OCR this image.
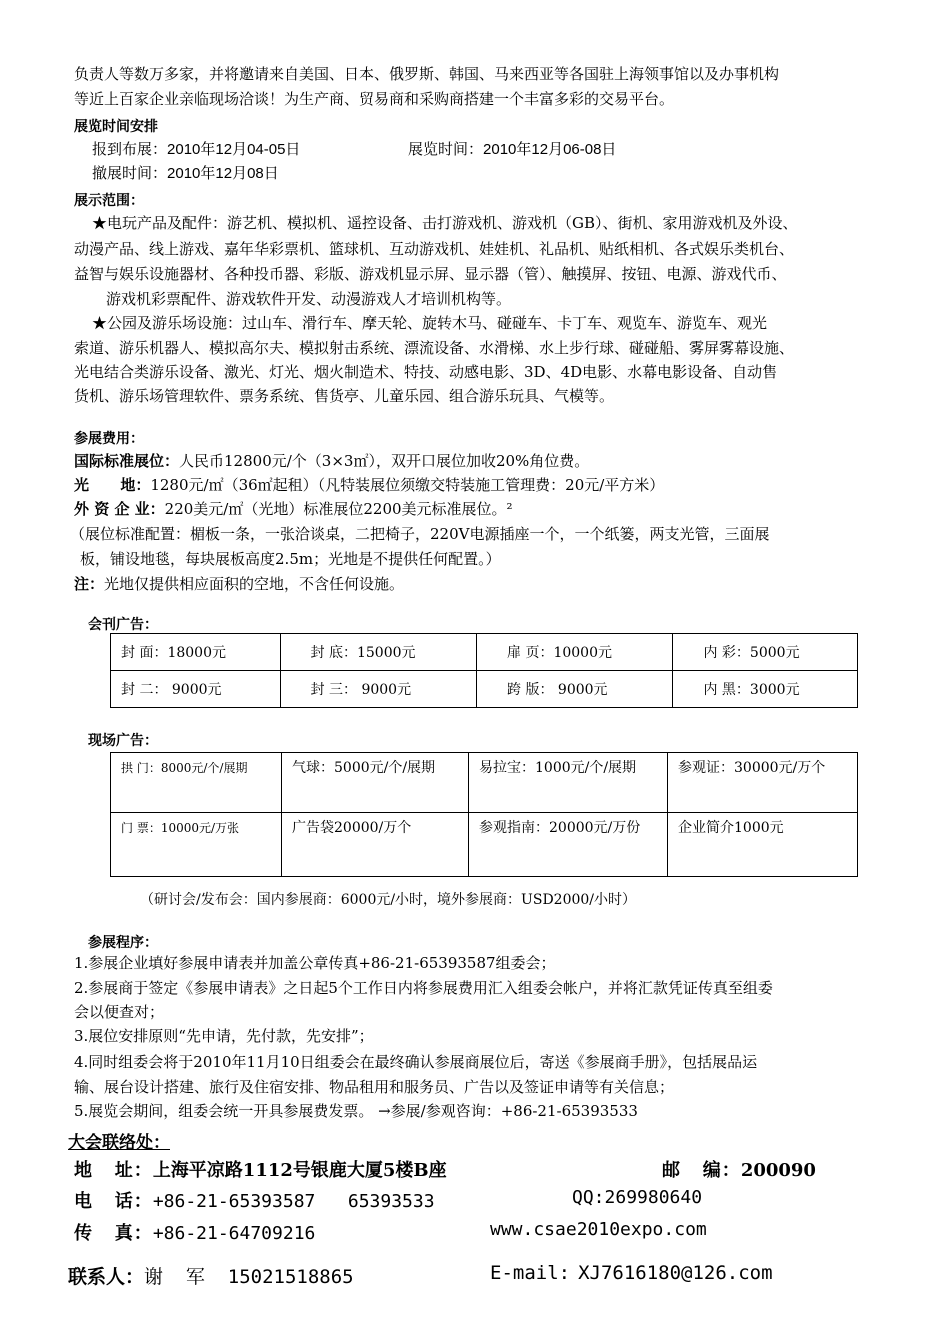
负责人等数万多家，并将邀请来自美国、日本、俄罗斯、韩国、马来西亚等各国驻上海领事馆以及办事机构
等近上百家企业亲临现场洽谈！为生产商、贸易商和采购商搭建一个丰富多彩的交易平台。
展览时间安排
报到布展：2010年12月04-05日	展览时间：2010年12月06-08日
撤展时间：2010年12月08日
展示范围：
★电玩产品及配件：游艺机、模拟机、遥控设备、击打游戏机、游戏机（GB）、街机、家用游戏机及外设、
动漫产品、线上游戏、嘉年华彩票机、篮球机、互动游戏机、娃娃机、礼品机、贴纸相机、各式娱乐类机台、
益智与娱乐设施器材、各种投币器、彩版、游戏机显示屏、显示器（管）、触摸屏、按钮、电源、游戏代币、
游戏机彩票配件、游戏软件开发、动漫游戏人才培训机构等。
★公园及游乐场设施：过山车、滑行车、摩天轮、旋转木马、碰碰车、卡丁车、观览车、游览车、观光
索道、游乐机器人、模拟高尔夫、模拟射击系统、漂流设备、水滑梯、水上步行球、碰碰船、雾屏雾幕设施、
光电结合类游乐设备、激光、灯光、烟火制造术、特技、动感电影、3D、4D电影、水幕电影设备、自动售
货机、游乐场管理软件、票务系统、售货亭、儿童乐园、组合游乐玩具、气模等。
参展费用：
国际标准展位：人民币12800元/个（3×3㎡），双开口展位加收20%角位费。
光      地：1280元/㎡（36㎡起租）（凡特装展位须缴交特装施工管理费：20元/平方米）
外 资 企 业：220美元/㎡（光地）标准展位2200美元标准展位。²
（展位标准配置：楣板一条，一张洽谈桌，二把椅子，220V电源插座一个，一个纸篓，两支光管，三面展
板，铺设地毯，每块展板高度2.5m；光地是不提供任何配置。）
注：光地仅提供相应面积的空地，不含任何设施。
会刊广告：
封 面：18000元	封 底：15000元	扉 页：10000元	内 彩：5000元
封 二： 9000元	封 三： 9000元	跨 版： 9000元	内 黑：3000元
现场广告：
拱 门：8000元/个/展期	气球：5000元/个/展期	易拉宝：1000元/个/展期	参观证：30000元/万个
门 票：10000元/万张	广告袋20000/万个	参观指南：20000元/万份	企业简介1000元
（研讨会/发布会：国内参展商：6000元/小时，境外参展商：USD2000/小时）
参展程序：
1.参展企业填好参展申请表并加盖公章传真+86-21-65393587组委会；
2.参展商于签定《参展申请表》之日起5个工作日内将参展费用汇入组委会帐户，并将汇款凭证传真至组委
会以便查对；
3.展位安排原则“先申请，先付款，先安排”；
4.同时组委会将于2010年11月10日组委会在最终确认参展商展位后，寄送《参展商手册》，包括展品运
输、展台设计搭建、旅行及住宿安排、物品租用和服务员、广告以及签证申请等有关信息；
5.展览会期间，组委会统一开具参展费发票。 →参展/参观咨询：+86-21-65393533
大会联络处：
地   址：上海平凉路1112号银鹿大厦5楼B座	邮   编：200090
电   话：+86-21-65393587   65393533	QQ:269980640
传   真：+86-21-64709216	www.csae2010expo.com
联系人：谢  军  15021518865	E-mail: XJ7616180@126.com
